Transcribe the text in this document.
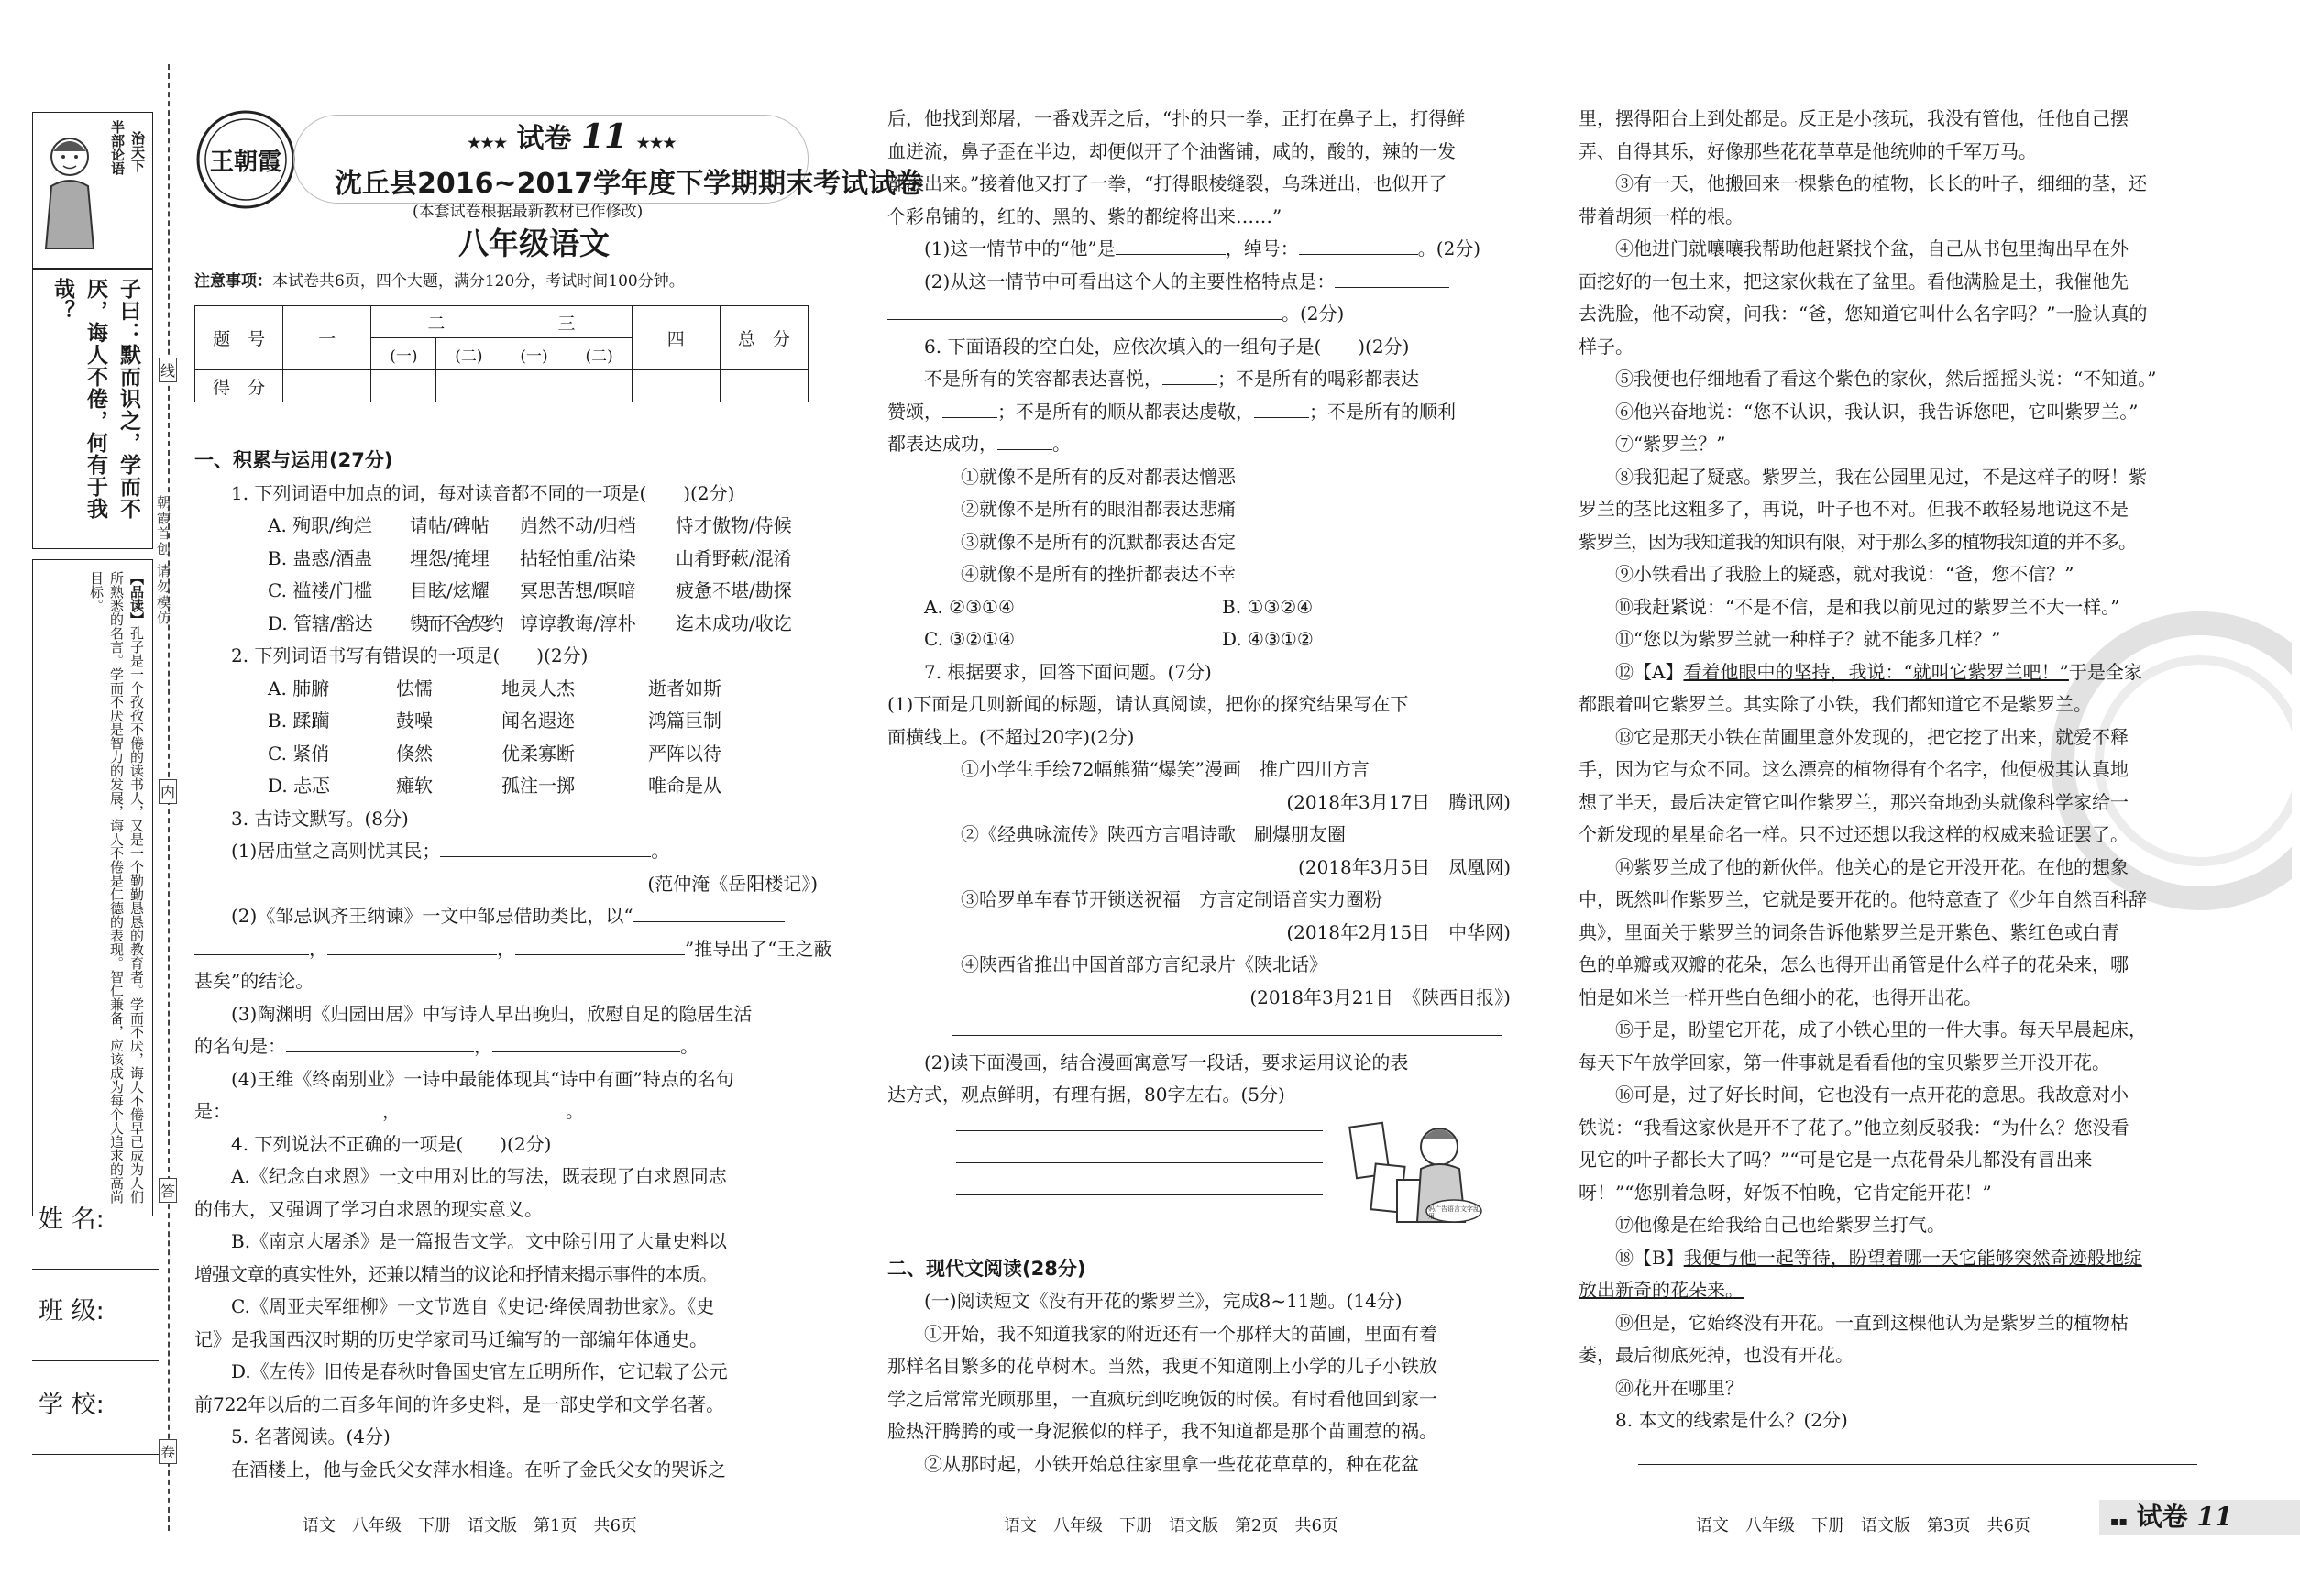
半部论语
治天下
子曰：默而识之，学而不厌，诲人不倦，何有于我哉？
【品读】孔子是一个孜孜不倦的读书人，又是一个勤勤恳恳的教育者。学而不厌，诲人不倦早已成为人们所熟悉的名言。学而不厌是智力的发展，诲人不倦是仁德的表现。智仁兼备，应该成为每个人追求的高尚目标。	朝霞首创 请勿模仿
姓 名:
班 级:
学 校:
线
内
答
卷
王朝霞
★★★ 试卷 11 ★★★
沈丘县2016~2017学年度下学期期末考试试卷
(本套试卷根据最新教材已作修改)
八年级语文
注意事项：本试卷共6页，四个大题，满分120分，考试时间100分钟。
题　号	一	二		三		四	总　分
		(一)	(二)	(一)	(二)		
得　分							

一、积累与运用(27分)

1. 下列词语中加点的词，每对读音都不同的一项是(　　)(2分)

A. 殉职/绚烂	请帖/碑帖	岿然不动/归档	恃才傲物/侍候
B. 蛊惑/酒蛊	埋怨/掩埋	拈轻怕重/沾染	山肴野蔌/混淆
C. 褴褛/门槛	目眩/炫耀	冥思苦想/暝暗	疲惫不堪/勘探
D. 管辖/豁达	锲而不舍/契约	谆谆教诲/淳朴	迄未成功/收讫

2. 下列词语书写有错误的一项是(　　)(2分)

A. 肺腑	怯懦	地灵人杰	逝者如斯
B. 蹂躏	鼓噪	闻名遐迩	鸿篇巨制
C. 紧俏	倏然	优柔寡断	严阵以待
D. 忐忑	瘫软	孤注一掷	唯命是从

3. 古诗文默写。(8分)

(1)居庙堂之高则忧其民；	。

(范仲淹《岳阳楼记》)

(2)《邹忌讽齐王纳谏》一文中邹忌借助类比，以“

，	，	”推导出了“王之蔽

甚矣”的结论。

(3)陶渊明《归园田居》中写诗人早出晚归，欣慰自足的隐居生活

的名句是：	，	。

(4)王维《终南别业》一诗中最能体现其“诗中有画”特点的名句

是：	，	。

4. 下列说法不正确的一项是(　　)(2分)

A.《纪念白求恩》一文中用对比的写法，既表现了白求恩同志

的伟大，又强调了学习白求恩的现实意义。

B.《南京大屠杀》是一篇报告文学。文中除引用了大量史料以

增强文章的真实性外，还兼以精当的议论和抒情来揭示事件的本质。

C.《周亚夫军细柳》一文节选自《史记·绛侯周勃世家》。《史

记》是我国西汉时期的历史学家司马迁编写的一部编年体通史。

D.《左传》旧传是春秋时鲁国史官左丘明所作，它记载了公元

前722年以后的二百多年间的许多史料，是一部史学和文学名著。

5. 名著阅读。(4分)

在酒楼上，他与金氏父女萍水相逢。在听了金氏父女的哭诉之

语文　八年级　下册　语文版　第1页　共6页

后，他找到郑屠，一番戏弄之后，“扑的只一拳，正打在鼻子上，打得鲜

血迸流，鼻子歪在半边，却便似开了个油酱铺，咸的，酸的，辣的一发

都滚出来。”接着他又打了一拳，“打得眼棱缝裂，乌珠迸出，也似开了

个彩帛铺的，红的、黑的、紫的都绽将出来……”

(1)这一情节中的“他”是	，绰号：	。(2分)

(2)从这一情节中可看出这个人的主要性格特点是：

。(2分)

6. 下面语段的空白处，应依次填入的一组句子是(　　)(2分)

不是所有的笑容都表达喜悦，	；不是所有的喝彩都表达

赞颂，	；不是所有的顺从都表达虔敬，	；不是所有的顺利

都表达成功，	。

①就像不是所有的反对都表达憎恶

②就像不是所有的眼泪都表达悲痛

③就像不是所有的沉默都表达否定

④就像不是所有的挫折都表达不幸

A. ②③①④	B. ①③②④
C. ③②①④	D. ④③①②

7. 根据要求，回答下面问题。(7分)

(1)下面是几则新闻的标题，请认真阅读，把你的探究结果写在下

面横线上。(不超过20字)(2分)

①小学生手绘72幅熊猫“爆笑”漫画　推广四川方言

(2018年3月17日　腾讯网)

②《经典咏流传》陕西方言唱诗歌　刷爆朋友圈

(2018年3月5日　凤凰网)

③哈罗单车春节开锁送祝福　方言定制语音实力圈粉

(2018年2月15日　中华网)

④陕西省推出中国首部方言纪录片《陕北话》

(2018年3月21日　《陕西日报》)

(2)读下面漫画，结合漫画寓意写一段话，要求运用议论的表

达方式，观点鲜明，有理有据，80字左右。(5分)

妈广告语言文字乱用

二、现代文阅读(28分)

(一)阅读短文《没有开花的紫罗兰》，完成8~11题。(14分)

①开始，我不知道我家的附近还有一个那样大的苗圃，里面有着

那样名目繁多的花草树木。当然，我更不知道刚上小学的儿子小铁放

学之后常常光顾那里，一直疯玩到吃晚饭的时候。有时看他回到家一

脸热汗腾腾的或一身泥猴似的样子，我不知道都是那个苗圃惹的祸。

②从那时起，小铁开始总往家里拿一些花花草草的，种在花盆

语文　八年级　下册　语文版　第2页　共6页

里，摆得阳台上到处都是。反正是小孩玩，我没有管他，任他自己摆

弄、自得其乐，好像那些花花草草是他统帅的千军万马。

③有一天，他搬回来一棵紫色的植物，长长的叶子，细细的茎，还

带着胡须一样的根。

④他进门就嚷嚷我帮助他赶紧找个盆，自己从书包里掏出早在外

面挖好的一包土来，把这家伙栽在了盆里。看他满脸是土，我催他先

去洗脸，他不动窝，问我：“爸，您知道它叫什么名字吗？”一脸认真的

样子。

⑤我便也仔细地看了看这个紫色的家伙，然后摇摇头说：“不知道。”

⑥他兴奋地说：“您不认识，我认识，我告诉您吧，它叫紫罗兰。”

⑦“紫罗兰？”

⑧我犯起了疑惑。紫罗兰，我在公园里见过，不是这样子的呀！紫

罗兰的茎比这粗多了，再说，叶子也不对。但我不敢轻易地说这不是

紫罗兰，因为我知道我的知识有限，对于那么多的植物我知道的并不多。

⑨小铁看出了我脸上的疑惑，就对我说：“爸，您不信？”

⑩我赶紧说：“不是不信，是和我以前见过的紫罗兰不大一样。”

⑪“您以为紫罗兰就一种样子？就不能多几样？”

⑫【A】看着他眼中的坚持，我说：“就叫它紫罗兰吧！”于是全家

都跟着叫它紫罗兰。其实除了小铁，我们都知道它不是紫罗兰。

⑬它是那天小铁在苗圃里意外发现的，把它挖了出来，就爱不释

手，因为它与众不同。这么漂亮的植物得有个名字，他便极其认真地

想了半天，最后决定管它叫作紫罗兰，那兴奋地劲头就像科学家给一

个新发现的星星命名一样。只不过还想以我这样的权威来验证罢了。

⑭紫罗兰成了他的新伙伴。他关心的是它开没开花。在他的想象

中，既然叫作紫罗兰，它就是要开花的。他特意查了《少年自然百科辞

典》，里面关于紫罗兰的词条告诉他紫罗兰是开紫色、紫红色或白青

色的单瓣或双瓣的花朵，怎么也得开出甬管是什么样子的花朵来，哪

怕是如米兰一样开些白色细小的花，也得开出花。

⑮于是，盼望它开花，成了小铁心里的一件大事。每天早晨起床，

每天下午放学回家，第一件事就是看看他的宝贝紫罗兰开没开花。

⑯可是，过了好长时间，它也没有一点开花的意思。我故意对小

铁说：“我看这家伙是开不了花了。”他立刻反驳我：“为什么？您没看

见它的叶子都长大了吗？”“可是它是一点花骨朵儿都没有冒出来

呀！”“您别着急呀，好饭不怕晚，它肯定能开花！”

⑰他像是在给我给自己也给紫罗兰打气。

⑱【B】我便与他一起等待，盼望着哪一天它能够突然奇迹般地绽

放出新奇的花朵来。

⑲但是，它始终没有开花。一直到这棵他认为是紫罗兰的植物枯

萎，最后彻底死掉，也没有开花。

⑳花开在哪里？

8. 本文的线索是什么？(2分)

语文　八年级　下册　语文版　第3页　共6页	▪▪ 试卷 11
